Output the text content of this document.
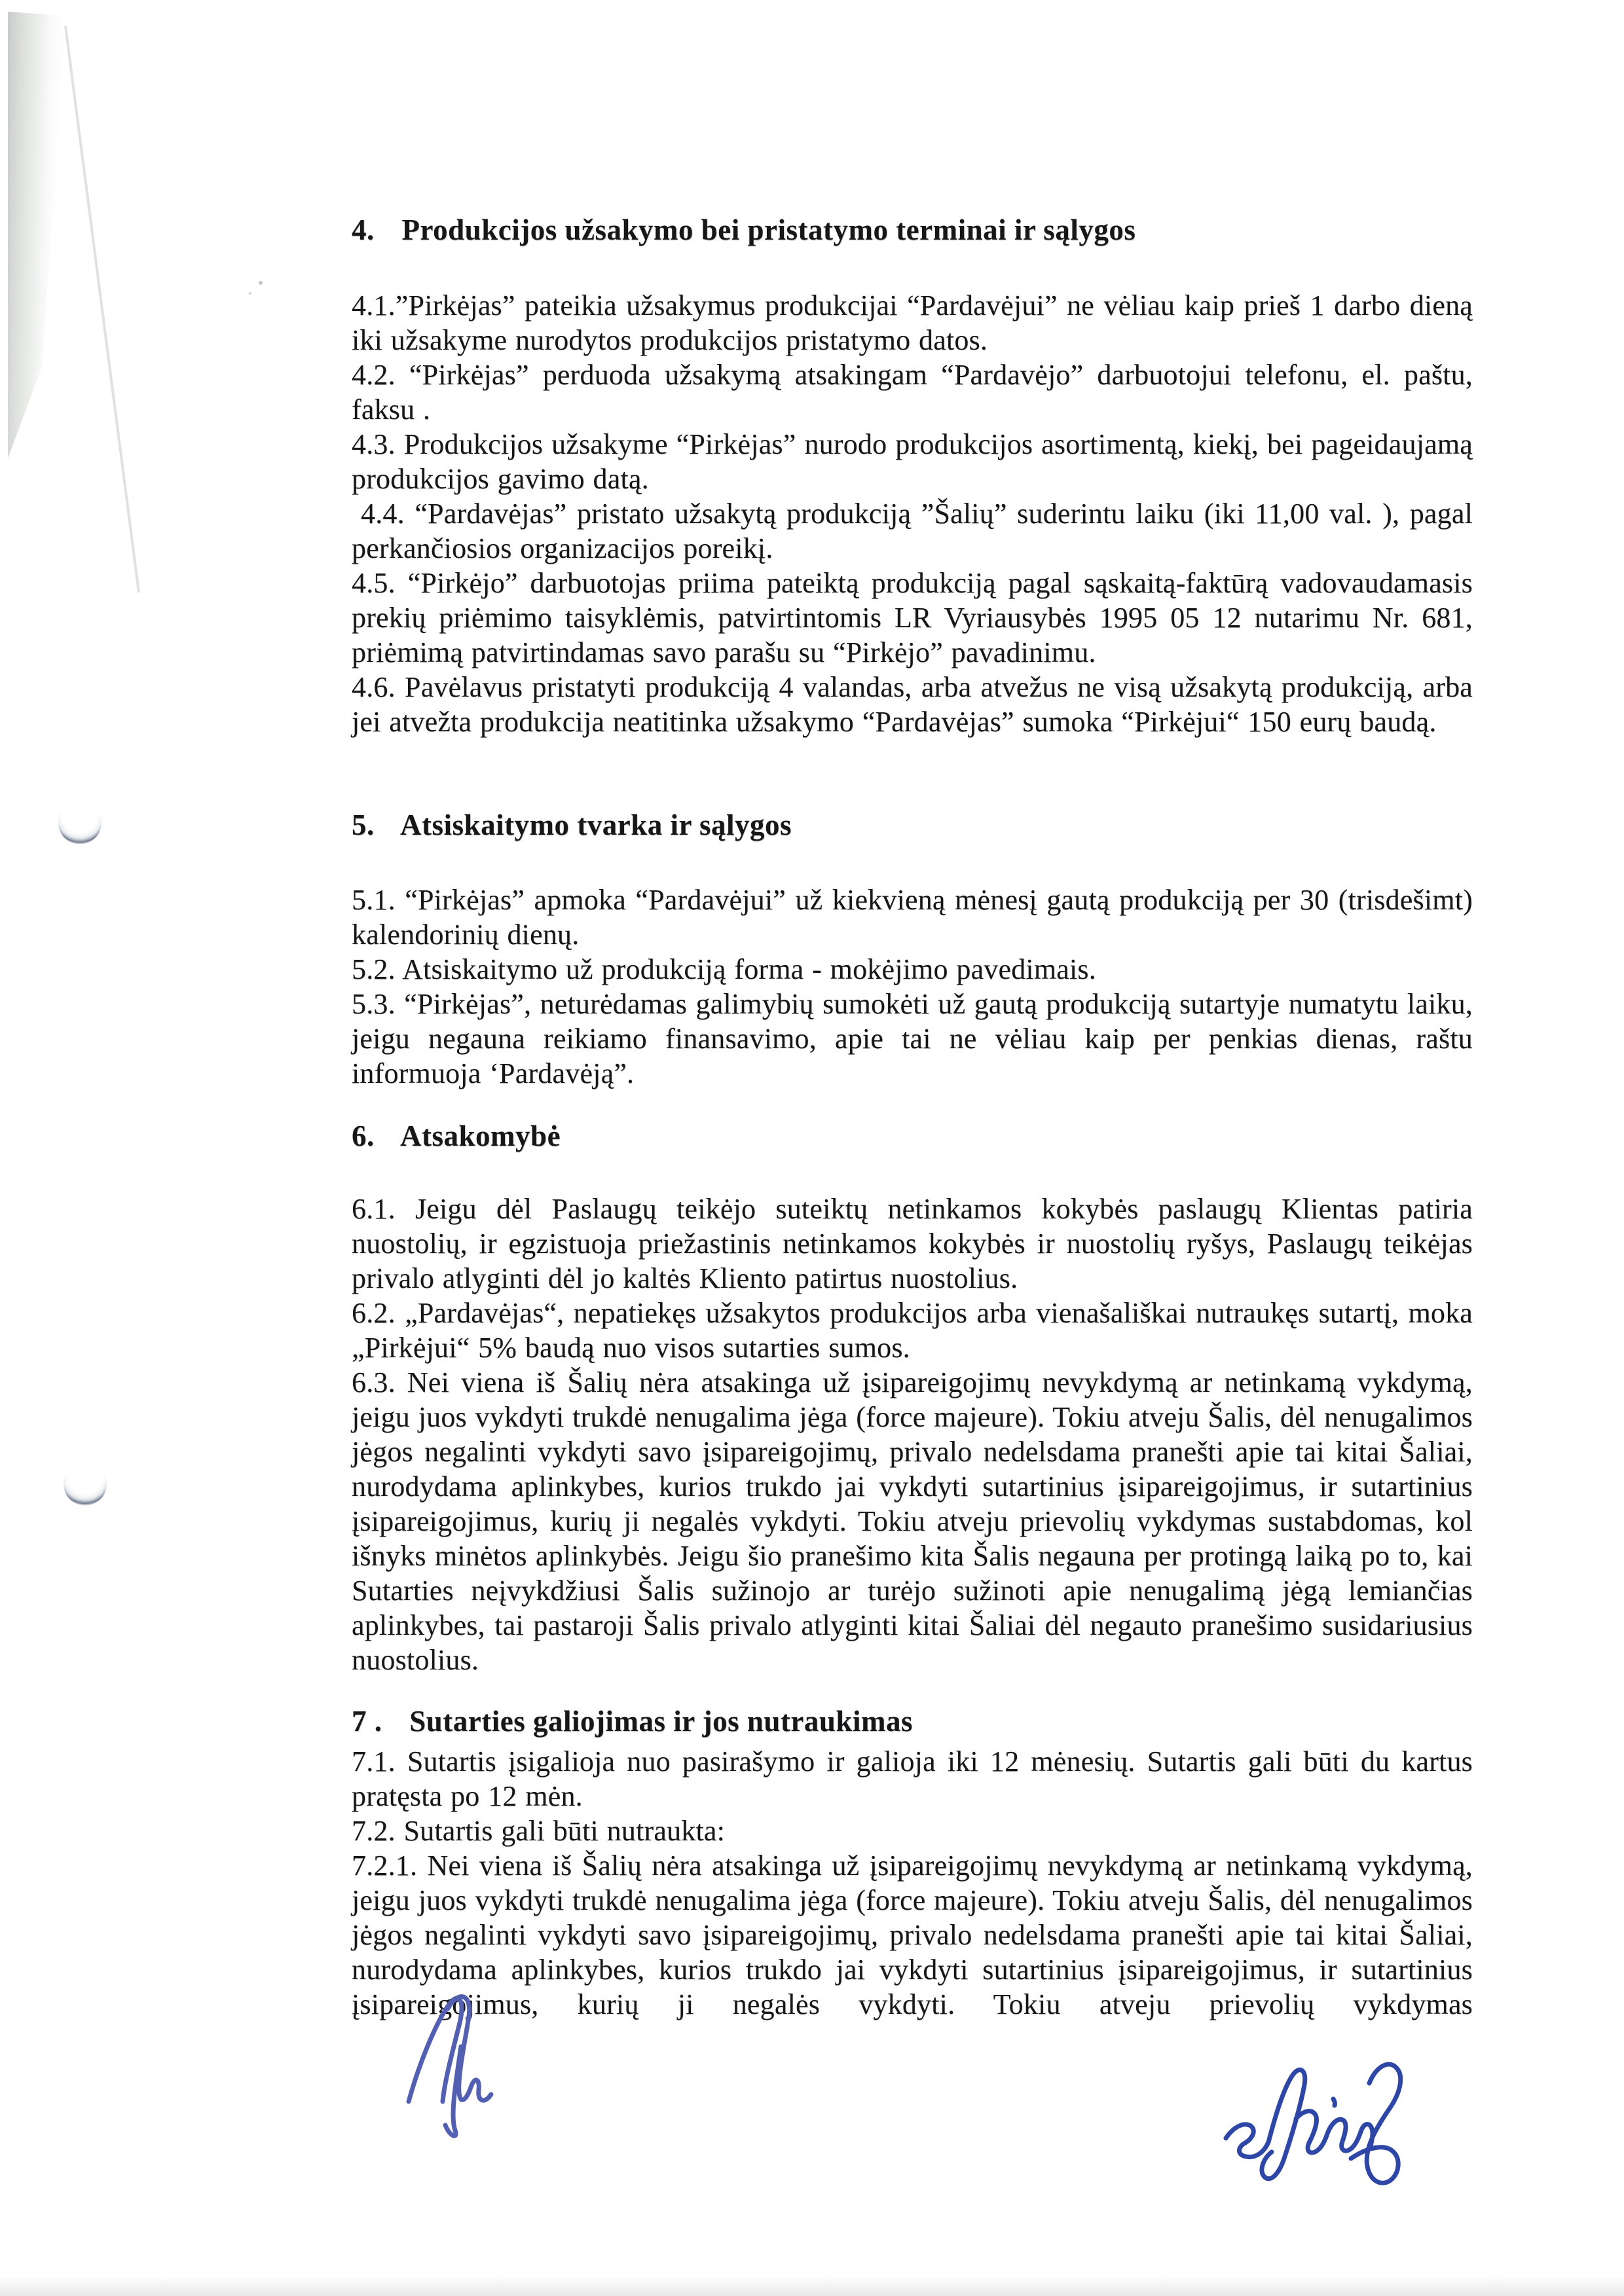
4. Produkcijos užsakymo bei pristatymo terminai ir sąlygos

4.1.”Pirkėjas” pateikia užsakymus produkcijai “Pardavėjui” ne vėliau kaip prieš 1 darbo dieną iki užsakyme nurodytos produkcijos pristatymo datos.

4.2. “Pirkėjas” perduoda užsakymą atsakingam “Pardavėjo” darbuotojui telefonu, el. paštu, faksu .

4.3. Produkcijos užsakyme “Pirkėjas” nurodo produkcijos asortimentą, kiekį, bei pageidaujamą produkcijos gavimo datą.

4.4. “Pardavėjas” pristato užsakytą produkciją ”Šalių” suderintu laiku (iki 11,00 val. ), pagal perkančiosios organizacijos poreikį.

4.5. “Pirkėjo” darbuotojas priima pateiktą produkciją pagal sąskaitą-faktūrą vadovaudamasis prekių priėmimo taisyklėmis, patvirtintomis LR Vyriausybės 1995 05 12 nutarimu Nr. 681, priėmimą patvirtindamas savo parašu su “Pirkėjo” pavadinimu.

4.6. Pavėlavus pristatyti produkciją 4 valandas, arba atvežus ne visą užsakytą produkciją, arba jei atvežta produkcija neatitinka užsakymo “Pardavėjas” sumoka “Pirkėjui“ 150 eurų baudą.

5. Atsiskaitymo tvarka ir sąlygos

5.1. “Pirkėjas” apmoka “Pardavėjui” už kiekvieną mėnesį gautą produkciją per 30 (trisdešimt) kalendorinių dienų.

5.2. Atsiskaitymo už produkciją forma - mokėjimo pavedimais.

5.3. “Pirkėjas”, neturėdamas galimybių sumokėti už gautą produkciją sutartyje numatytu laiku, jeigu negauna reikiamo finansavimo, apie tai ne vėliau kaip per penkias dienas, raštu informuoja ‘Pardavėją”.

6. Atsakomybė

6.1. Jeigu dėl Paslaugų teikėjo suteiktų netinkamos kokybės paslaugų Klientas patiria nuostolių, ir egzistuoja priežastinis netinkamos kokybės ir nuostolių ryšys, Paslaugų teikėjas privalo atlyginti dėl jo kaltės Kliento patirtus nuostolius.

6.2. „Pardavėjas“, nepatiekęs užsakytos produkcijos arba vienašališkai nutraukęs sutartį, moka „Pirkėjui“ 5% baudą nuo visos sutarties sumos.

6.3. Nei viena iš Šalių nėra atsakinga už įsipareigojimų nevykdymą ar netinkamą vykdymą, jeigu juos vykdyti trukdė nenugalima jėga (force majeure). Tokiu atveju Šalis, dėl nenugalimos jėgos negalinti vykdyti savo įsipareigojimų, privalo nedelsdama pranešti apie tai kitai Šaliai, nurodydama aplinkybes, kurios trukdo jai vykdyti sutartinius įsipareigojimus, ir sutartinius įsipareigojimus, kurių ji negalės vykdyti. Tokiu atveju prievolių vykdymas sustabdomas, kol išnyks minėtos aplinkybės. Jeigu šio pranešimo kita Šalis negauna per protingą laiką po to, kai Sutarties neįvykdžiusi Šalis sužinojo ar turėjo sužinoti apie nenugalimą jėgą lemiančias aplinkybes, tai pastaroji Šalis privalo atlyginti kitai Šaliai dėl negauto pranešimo susidariusius nuostolius.

7 . Sutarties galiojimas ir jos nutraukimas

7.1. Sutartis įsigalioja nuo pasirašymo ir galioja iki 12 mėnesių. Sutartis gali būti du kartus pratęsta po 12 mėn.

7.2. Sutartis gali būti nutraukta:

7.2.1. Nei viena iš Šalių nėra atsakinga už įsipareigojimų nevykdymą ar netinkamą vykdymą, jeigu juos vykdyti trukdė nenugalima jėga (force majeure). Tokiu atveju Šalis, dėl nenugalimos jėgos negalinti vykdyti savo įsipareigojimų, privalo nedelsdama pranešti apie tai kitai Šaliai, nurodydama aplinkybes, kurios trukdo jai vykdyti sutartinius įsipareigojimus, ir sutartinius įsipareigojimus, kurių ji negalės vykdyti. Tokiu atveju prievolių vykdymas
